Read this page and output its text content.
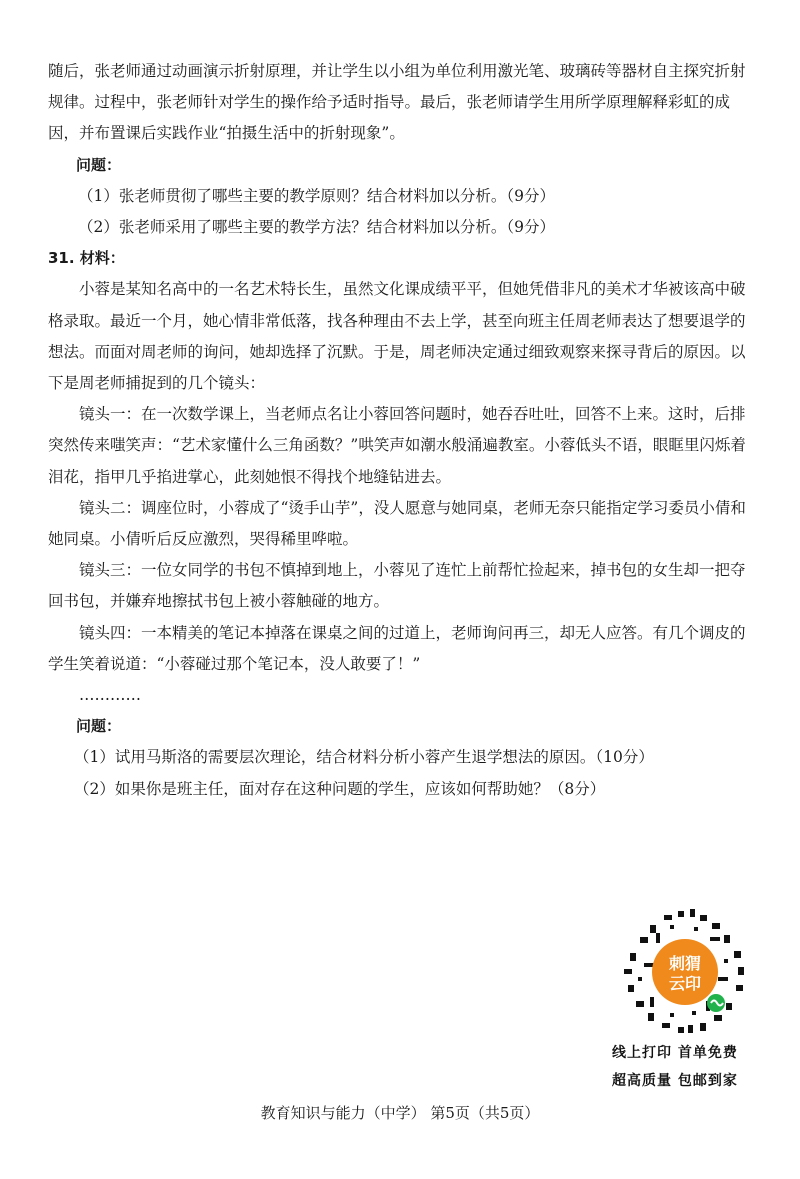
随后，张老师通过动画演示折射原理，并让学生以小组为单位利用激光笔、玻璃砖等器材自主探究折射规律。过程中，张老师针对学生的操作给予适时指导。最后，张老师请学生用所学原理解释彩虹的成因，并布置课后实践作业“拍摄生活中的折射现象”。

问题：

（1）张老师贯彻了哪些主要的教学原则？结合材料加以分析。（9分）

（2）张老师采用了哪些主要的教学方法？结合材料加以分析。（9分）

31. 材料：

小蓉是某知名高中的一名艺术特长生，虽然文化课成绩平平，但她凭借非凡的美术才华被该高中破格录取。最近一个月，她心情非常低落，找各种理由不去上学，甚至向班主任周老师表达了想要退学的想法。而面对周老师的询问，她却选择了沉默。于是，周老师决定通过细致观察来探寻背后的原因。以下是周老师捕捉到的几个镜头：

镜头一：在一次数学课上，当老师点名让小蓉回答问题时，她吞吞吐吐，回答不上来。这时，后排突然传来嗤笑声：“艺术家懂什么三角函数？”哄笑声如潮水般涌遍教室。小蓉低头不语，眼眶里闪烁着泪花，指甲几乎掐进掌心，此刻她恨不得找个地缝钻进去。

镜头二：调座位时，小蓉成了“烫手山芋”，没人愿意与她同桌，老师无奈只能指定学习委员小倩和她同桌。小倩听后反应激烈，哭得稀里哗啦。

镜头三：一位女同学的书包不慎掉到地上，小蓉见了连忙上前帮忙捡起来，掉书包的女生却一把夺回书包，并嫌弃地擦拭书包上被小蓉触碰的地方。

镜头四：一本精美的笔记本掉落在课桌之间的过道上，老师询问再三，却无人应答。有几个调皮的学生笑着说道：“小蓉碰过那个笔记本，没人敢要了！”

…………

问题：

（1）试用马斯洛的需要层次理论，结合材料分析小蓉产生退学想法的原因。（10分）

（2）如果你是班主任，面对存在这种问题的学生，应该如何帮助她？（8分）

刺猬
云印
线上打印 首单免费
超高质量 包邮到家
教育知识与能力（中学） 第5页（共5页）
